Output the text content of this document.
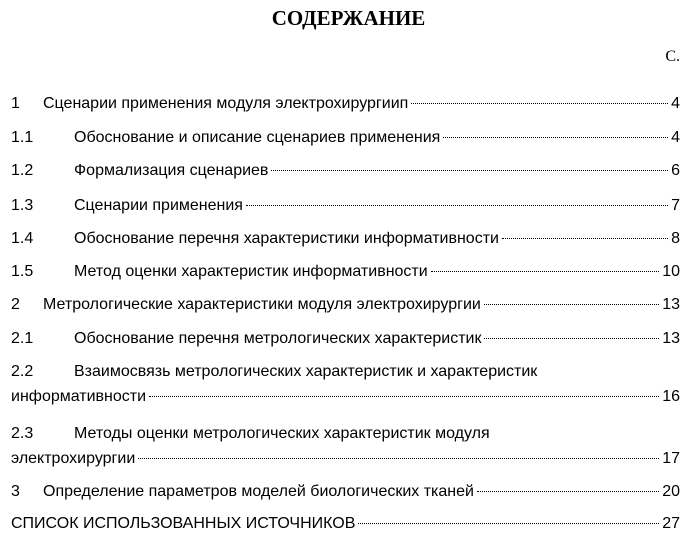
СОДЕРЖАНИЕ
С.
1	Сценарии применения модуля электрохирургиип	4
1.1	Обоснование и описание сценариев применения	4
1.2	Формализация сценариев	6
1.3	Сценарии применения	7
1.4	Обоснование перечня характеристики информативности	8
1.5	Метод оценки характеристик информативности	10
2	Метрологические характеристики модуля электрохирургии	13
2.1	Обоснование перечня метрологических характеристик	13
2.2	Взаимосвязь метрологических характеристик и характеристик
информативности	16
2.3	Методы оценки метрологических характеристик модуля
электрохирургии	17
3	Определение параметров моделей биологических тканей	20
СПИСОК ИСПОЛЬЗОВАННЫХ ИСТОЧНИКОВ	27
